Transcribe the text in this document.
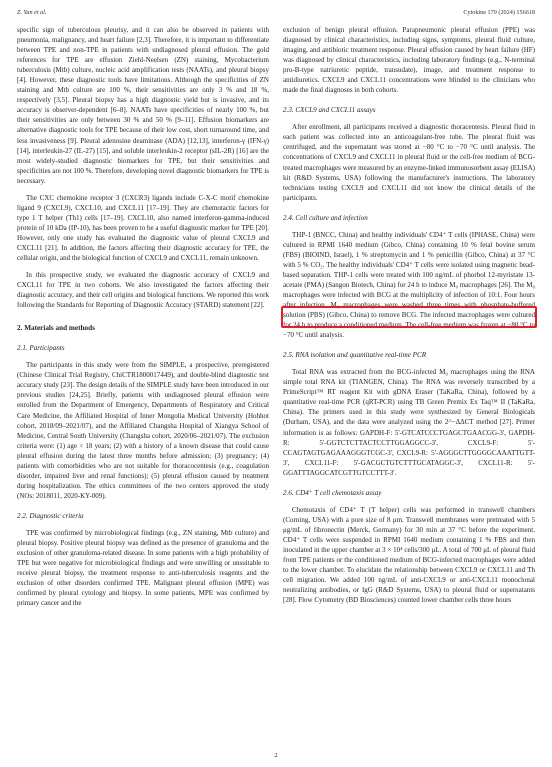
Z. Yan et al.	Cytokine 179 (2024) 156618

specific sign of tuberculous pleurisy, and it can also be observed in patients with pneumonia, malignancy, and heart failure [2,3]. Therefore, it is important to differentiate between TPE and non-TPE in patients with undiagnosed pleural effusion. The gold references for TPE are effusion Ziehl-Neelsen (ZN) staining, Mycobacterium tuberculosis (Mtb) culture, nucleic acid amplification tests (NAATs), and pleural biopsy [4]. However, these diagnostic tools have limitations. Although the specificities of ZN staining and Mtb culture are 100 %, their sensitivities are only 3 % and 18 %, respectively [3,5]. Pleural biopsy has a high diagnostic yield but is invasive, and its accuracy is observer-dependent [6–8]. NAATs have specificities of nearly 100 %, but their sensitivities are only between 30 % and 50 % [9–11]. Effusion biomarkers are alternative diagnostic tools for TPE because of their low cost, short turnaround time, and less invasiveness [9]. Pleural adenosine deaminase (ADA) [12,13], interferon-γ (IFN-γ) [14], interleukin-27 (IL-27) [15], and soluble interleukin-2 receptor (sIL-2R) [16] are the most widely-studied diagnostic biomarkers for TPE, but their sensitivities and specificities are not 100 %. Therefore, developing novel diagnostic biomarkers for TPE is necessary.

The CXC chemokine receptor 3 (CXCR3) ligands include C-X-C motif chemokine ligand 9 (CXCL9), CXCL10, and CXCL11 [17–19]. They are chemotactic factors for type 1 T helper (Th1) cells [17–19]. CXCL10, also named interferon-gamma-induced protein of 10 kDa (IP-10), has been proven to be a useful diagnostic marker for TPE [20]. However, only one study has evaluated the diagnostic value of pleural CXCL9 and CXCL11 [21]. In addition, the factors affecting their diagnostic accuracy for TPE, the cellular origin, and the biological function of CXCL9 and CXCL11, remain unknown.

In this prospective study, we evaluated the diagnostic accuracy of CXCL9 and CXCL11 for TPE in two cohorts. We also investigated the factors affecting their diagnostic accuracy, and their cell origins and biological functions. We reported this work following the Standards for Reporting of Diagnostic Accuracy (STARD) statement [22].

2. Materials and methods
2.1. Participants

The participants in this study were from the SIMPLE, a prospective, preregistered (Chinese Clinical Trial Registry, ChiCTR1800017449), and double-blind diagnostic test accuracy study [23]. The design details of the SIMPLE study have been introduced in our previous studies [24,25]. Briefly, patients with undiagnosed pleural effusion were enrolled from the Department of Emergency, Departments of Respiratory and Critical Care Medicine, the Affiliated Hospital of Inner Mongolia Medical University (Hohhot cohort, 2018/09–2021/07), and the Affiliated Changsha Hospital of Xiangya School of Medicine, Central South University (Changsha cohort, 2020/06–2021/07). The exclusion criteria were: (1) age < 18 years; (2) with a history of a known disease that could cause pleural effusion during the latest three months before admission; (3) pregnancy; (4) patients with comorbidities who are not suitable for thoracocentesis (e.g., coagulation disorder, impaired liver and renal functions); (5) pleural effusion caused by treatment during hospitalization. The ethics committees of the two centers approved the study (NOs: 2018011, 2020-KY-009).

2.2. Diagnostic criteria

TPE was confirmed by microbiological findings (e.g., ZN staining, Mtb culture) and pleural biopsy. Positive pleural biopsy was defined as the presence of granuloma and the exclusion of other granuloma-related disease. In some patients with a high probability of TPE but were negative for microbiological findings and were unwilling or unsuitable to receive pleural biopsy, the treatment response to anti-tuberculosis reagents and the exclusion of other disorders confirmed TPE. Malignant pleural effusion (MPE) was confirmed by pleural cytology and biopsy. In some patients, MPE was confirmed by primary cancer and the

exclusion of benign pleural effusion. Parapneumonic pleural effusion (PPE) was diagnosed by clinical characteristics, including signs, symptoms, pleural fluid culture, imaging, and antibiotic treatment response. Pleural effusion caused by heart failure (HF) was diagnosed by clinical characteristics, including laboratory findings (e.g., N-terminal pro-B-type natriuretic peptide, transudate), image, and treatment response to antidiuretics. CXCL9 and CXCL11 concentrations were blinded to the clinicians who made the final diagnoses in both cohorts.

2.3. CXCL9 and CXCL11 assays

After enrollment, all participants received a diagnostic thoracentesis. Pleural fluid in each patient was collected into an anticoagulant-free tube. The pleural fluid was centrifuged, and the supernatant was stored at −80 °C to −70 °C until analysis. The concentrations of CXCL9 and CXCL11 in pleural fluid or the cell-free medium of BCG-treated macrophages were measured by an enzyme-linked immunosorbent assay (ELISA) kit (R&D Systems, USA) following the manufacturer's instructions. The laboratory technicians testing CXCL9 and CXCL11 did not know the clinical details of the participants.

2.4. Cell culture and infection

THP-1 (BNCC, China) and healthy individuals' CD4⁺ T cells (IPHASE, China) were cultured in RPMI 1640 medium (Gibco, China) containing 10 % fetal bovine serum (FBS) (BIOIND, Israel), 1 % streptomycin and 1 % penicillin (Gibco, China) at 37 °C with 5 % CO₂. The healthy individuals' CD4⁺ T cells were isolated using magnetic bead-based separation. THP-1 cells were treated with 100 ng/mL of phorbol 12-myristate 13-acetate (PMA) (Sangon Biotech, China) for 24 h to induce M₀ macrophages [26]. The M₀ macrophages were infected with BCG at the multiplicity of infection of 10:1. Four hours after infection, M₀ macrophages were washed three times with phosphate-buffered solution (PBS) (Gibco, China) to remove BCG. The infected macrophages were cultured for 24 h to produce a conditioned medium. The cell-free medium was frozen at −80 °C to −70 °C until analysis.

2.5. RNA isolation and quantitative real-time PCR

Total RNA was extracted from the BCG-infected M₀ macrophages using the RNA simple total RNA kit (TIANGEN, China). The RNA was reversely transcribed by a PrimeScript™ RT reagent Kit with gDNA Eraser (TaKaRa, China), followed by a quantitative real-time PCR (qRT-PCR) using TB Green Premix Ex Taq™ II (TaKaRa, China). The primers used in this study were synthesized by General Biologicals (Durham, USA), and the data were analyzed using the 2^−ΔΔCT method [27]. Primer information is as follows: GAPDH-F: 5'-GTCATCCCTGAGCTGAACGG-3', GAPDH-R: 5'-GGTCTCTTACTCCTTGGAGGCC-3', CXCL9-F: 5'-CCAGTAGTGAGAAAGGGTCGC-3', CXCL9-R: 5'-AGGGCTTGGGGCAAATTGTT-3', CXCL11-F: 5'-GACGCTGTCTTTGCATAGGC-3', CXCL11-R: 5'-GGATTTAGGCATCGTTGTCCTTT-3'.

2.6. CD4⁺ T cell chemotaxis assay

Chemotaxis of CD4⁺ T (T helper) cells was performed in transwell chambers (Corning, USA) with a pore size of 8 μm. Transwell membranes were pretreated with 5 μg/mL of fibronectin (Merck, Germany) for 30 min at 37 °C before the experiment. CD4⁺ T cells were suspended in RPMI 1640 medium containing 1 % FBS and then inoculated in the upper chamber at 3 × 10⁴ cells/300 μL. A total of 700 μL of pleural fluid from TPE patients or the conditioned medium of BCG-infected macrophages were added to the lower chamber. To elucidate the relationship between CXCL9 or CXCL11 and Th cell migration. We added 100 ng/mL of anti-CXCL9 or anti-CXCL11 monoclonal neutralizing antibodies, or IgG (R&D Systems, USA) to pleural fluid or supernatants [28]. Flow Cytometry (BD Biosciences) counted lower chamber cells three hours

2
